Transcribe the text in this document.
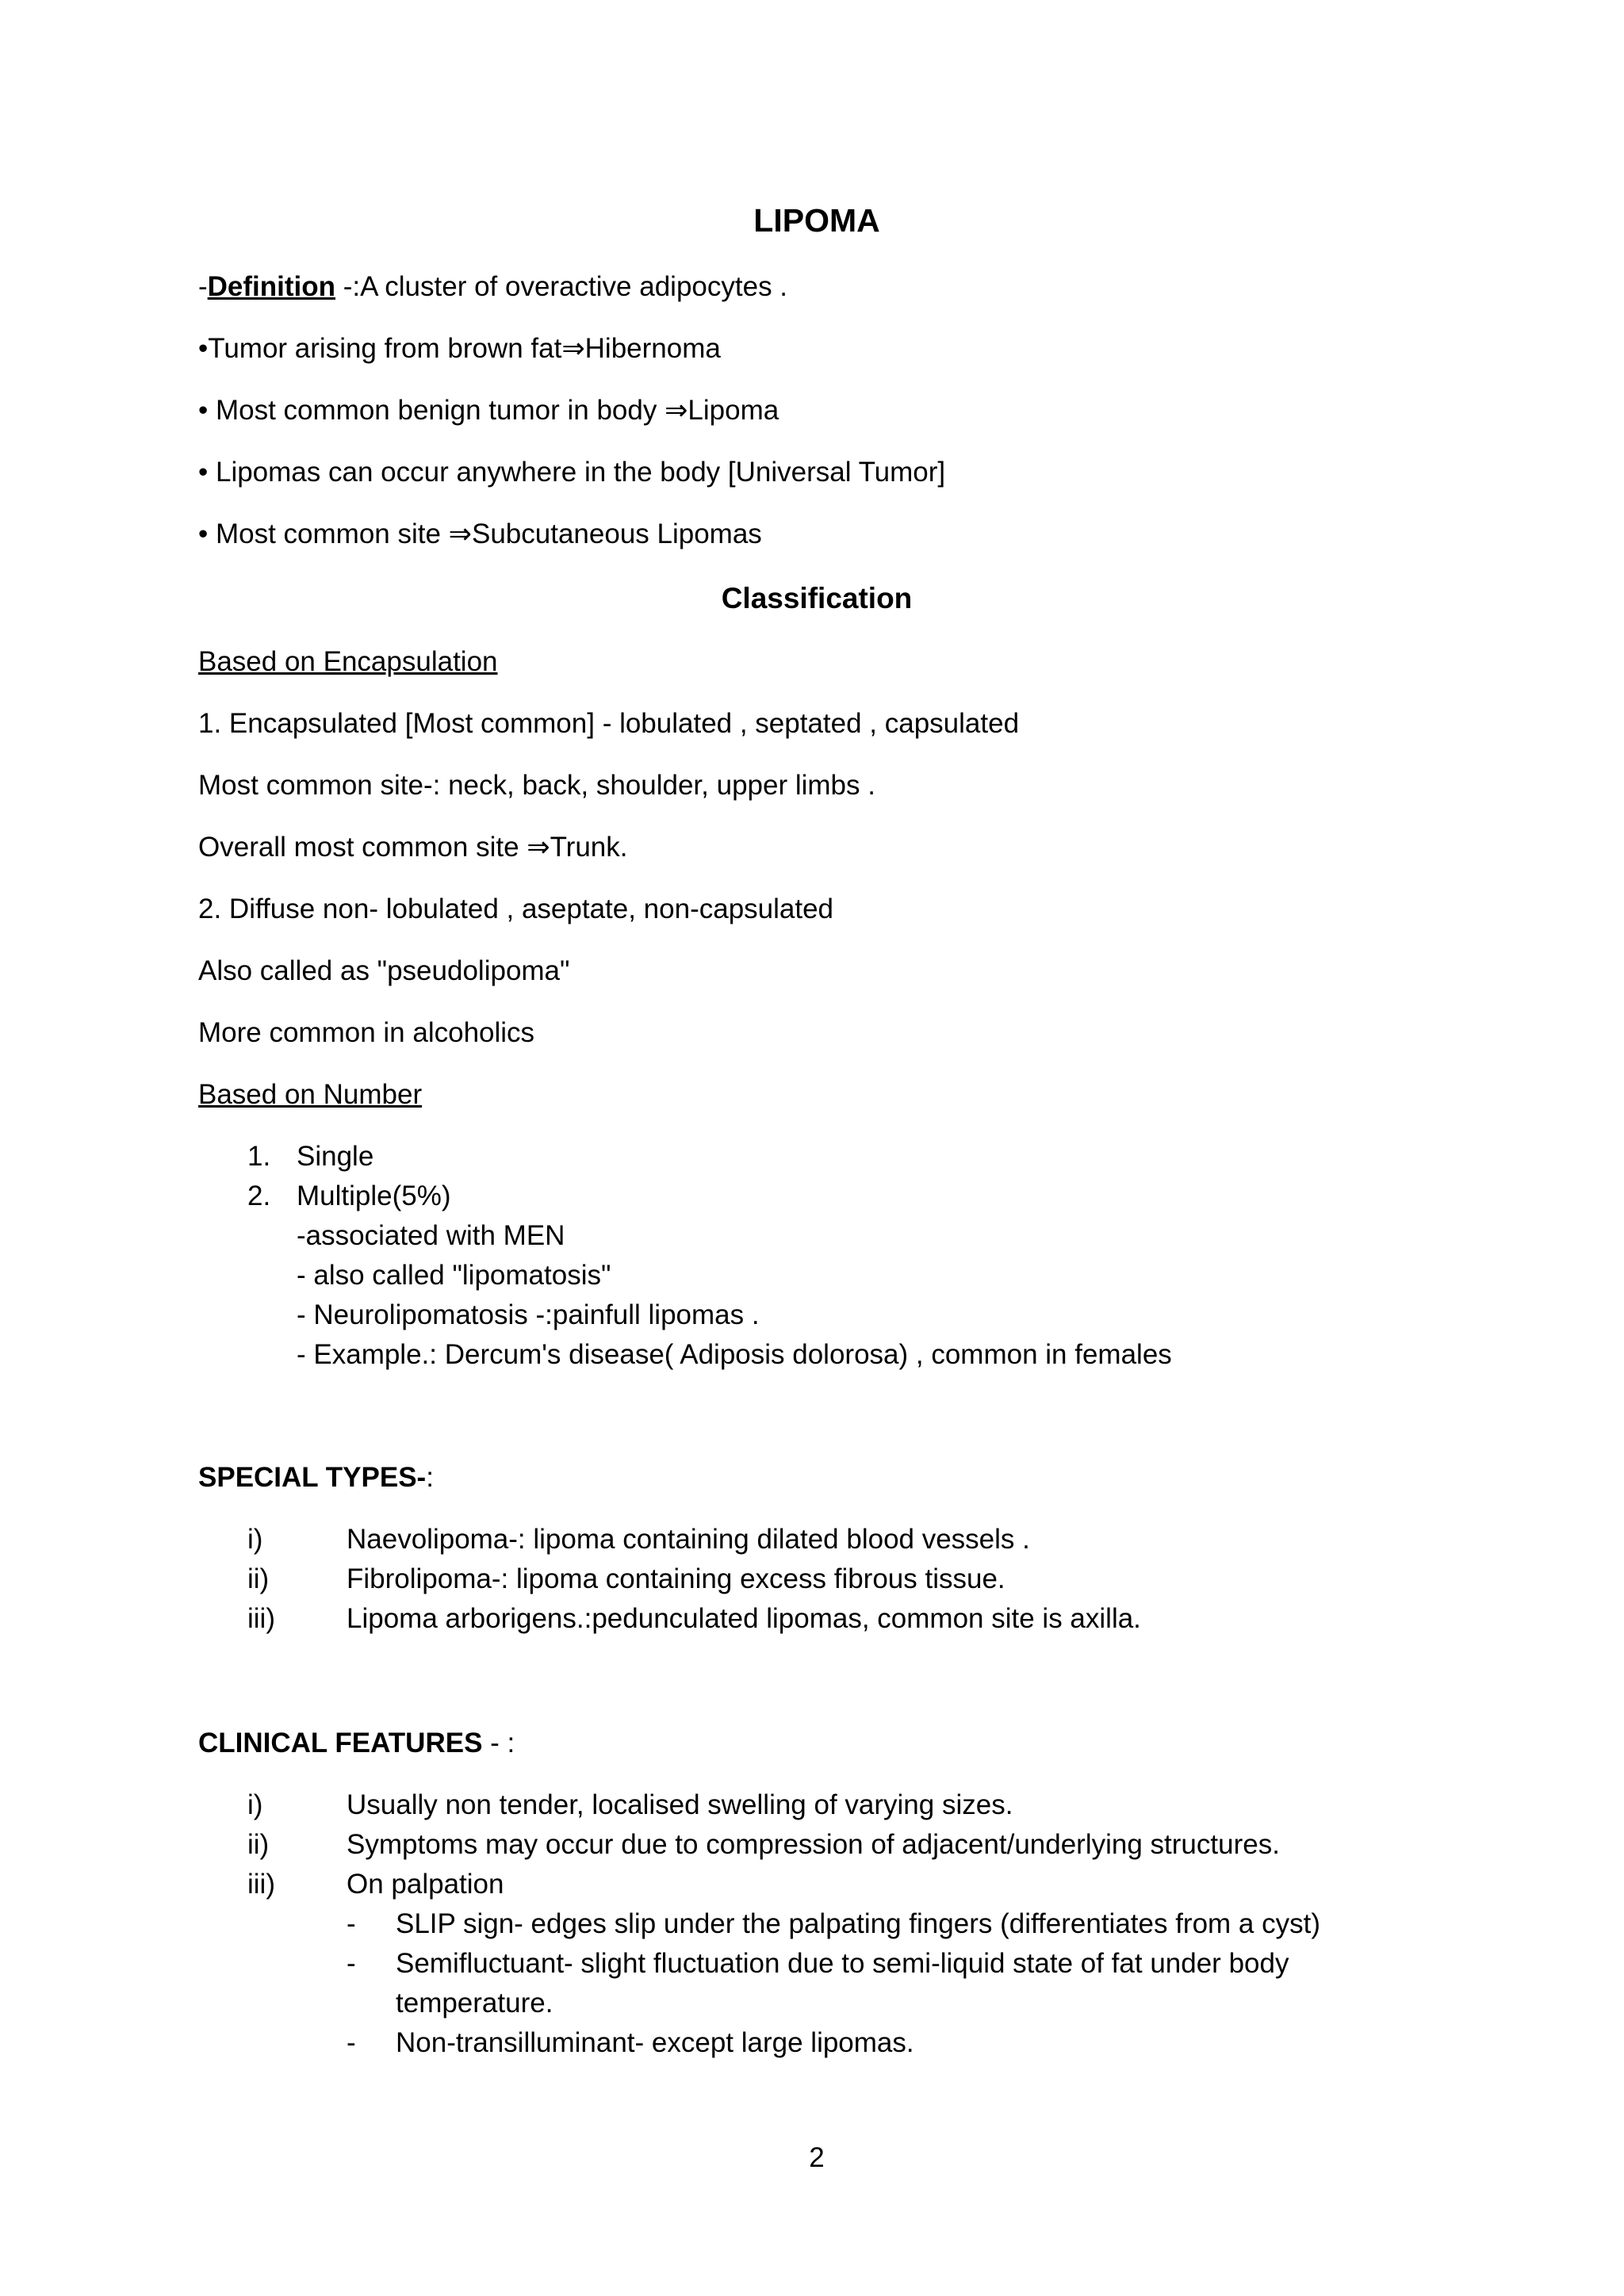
LIPOMA

-Definition -:A cluster of overactive adipocytes .

•Tumor arising from brown fat⇒Hibernoma

• Most common benign tumor in body ⇒Lipoma

• Lipomas can occur anywhere in the body [Universal Tumor]

• Most common site ⇒Subcutaneous Lipomas

Classification

Based on Encapsulation

1. Encapsulated [Most common] - lobulated , septated , capsulated

Most common site-: neck, back, shoulder, upper limbs .

Overall most common site ⇒Trunk.

2. Diffuse non- lobulated , aseptate, non-capsulated

Also called as "pseudolipoma"

More common in alcoholics

Based on Number

1. Single
2. Multiple(5%)
-associated with MEN
- also called "lipomatosis"
- Neurolipomatosis -:painfull lipomas .
- Example.: Dercum's disease( Adiposis dolorosa) , common in females

SPECIAL TYPES-:

i)	Naevolipoma-: lipoma containing dilated blood vessels .
ii)	Fibrolipoma-: lipoma containing excess fibrous tissue.
iii)	Lipoma arborigens.:pedunculated lipomas, common site is axilla.

CLINICAL FEATURES - :

i)	Usually non tender, localised swelling of varying sizes.
ii)	Symptoms may occur due to compression of adjacent/underlying structures.
iii)	On palpation
- SLIP sign- edges slip under the palpating fingers (differentiates from a cyst)
- Semifluctuant- slight fluctuation due to semi-liquid state of fat under body
temperature.
- Non-transilluminant- except large lipomas.
2
